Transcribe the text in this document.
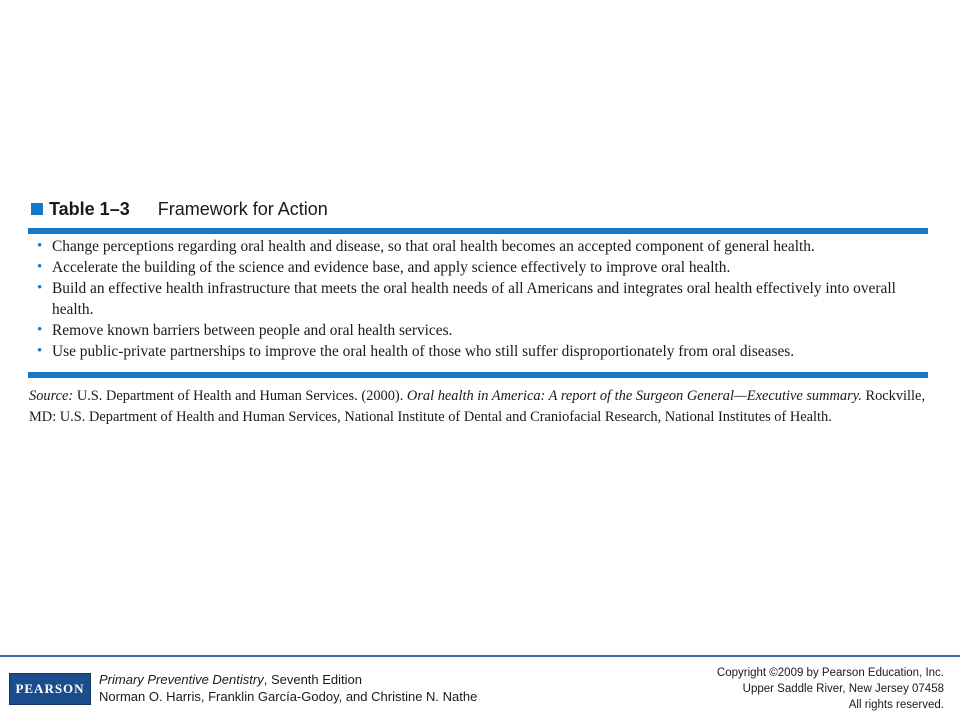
Table 1–3 Framework for Action
• Change perceptions regarding oral health and disease, so that oral health becomes an accepted component of general health.
• Accelerate the building of the science and evidence base, and apply science effectively to improve oral health.
• Build an effective health infrastructure that meets the oral health needs of all Americans and integrates oral health effectively into overall health.
• Remove known barriers between people and oral health services.
• Use public-private partnerships to improve the oral health of those who still suffer disproportionately from oral diseases.
Source: U.S. Department of Health and Human Services. (2000). Oral health in America: A report of the Surgeon General—Executive summary. Rockville, MD: U.S. Department of Health and Human Services, National Institute of Dental and Craniofacial Research, National Institutes of Health.
PEARSON
Primary Preventive Dentistry, Seventh Edition
Norman O. Harris, Franklin García-Godoy, and Christine N. Nathe
Copyright ©2009 by Pearson Education, Inc.
Upper Saddle River, New Jersey 07458
All rights reserved.
